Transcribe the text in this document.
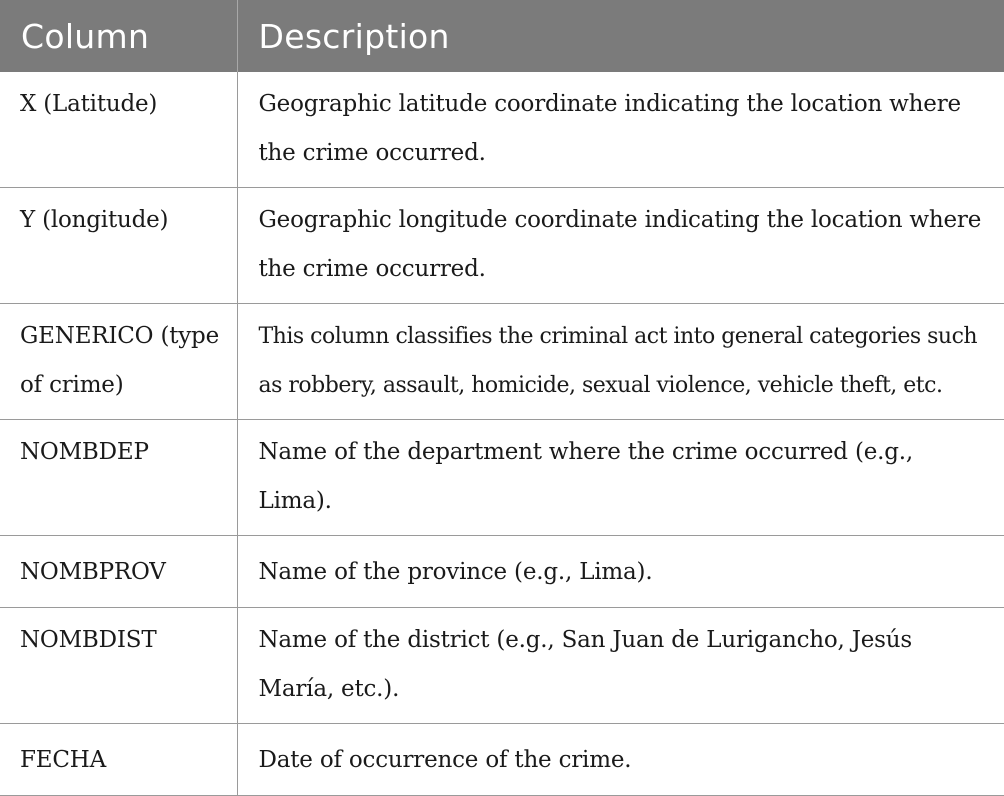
Column	Description
X (Latitude)	Geographic latitude coordinate indicating the location where the crime occurred.
Y (longitude)	Geographic longitude coordinate indicating the location where the crime occurred.
GENERICO (type of crime)	This column classifies the criminal act into general categories such as robbery, assault, homicide, sexual violence, vehicle theft, etc.
NOMBDEP	Name of the department where the crime occurred (e.g., Lima).
NOMBPROV	Name of the province (e.g., Lima).
NOMBDIST	Name of the district (e.g., San Juan de Lurigancho, Jesús María, etc.).
FECHA	Date of occurrence of the crime.
